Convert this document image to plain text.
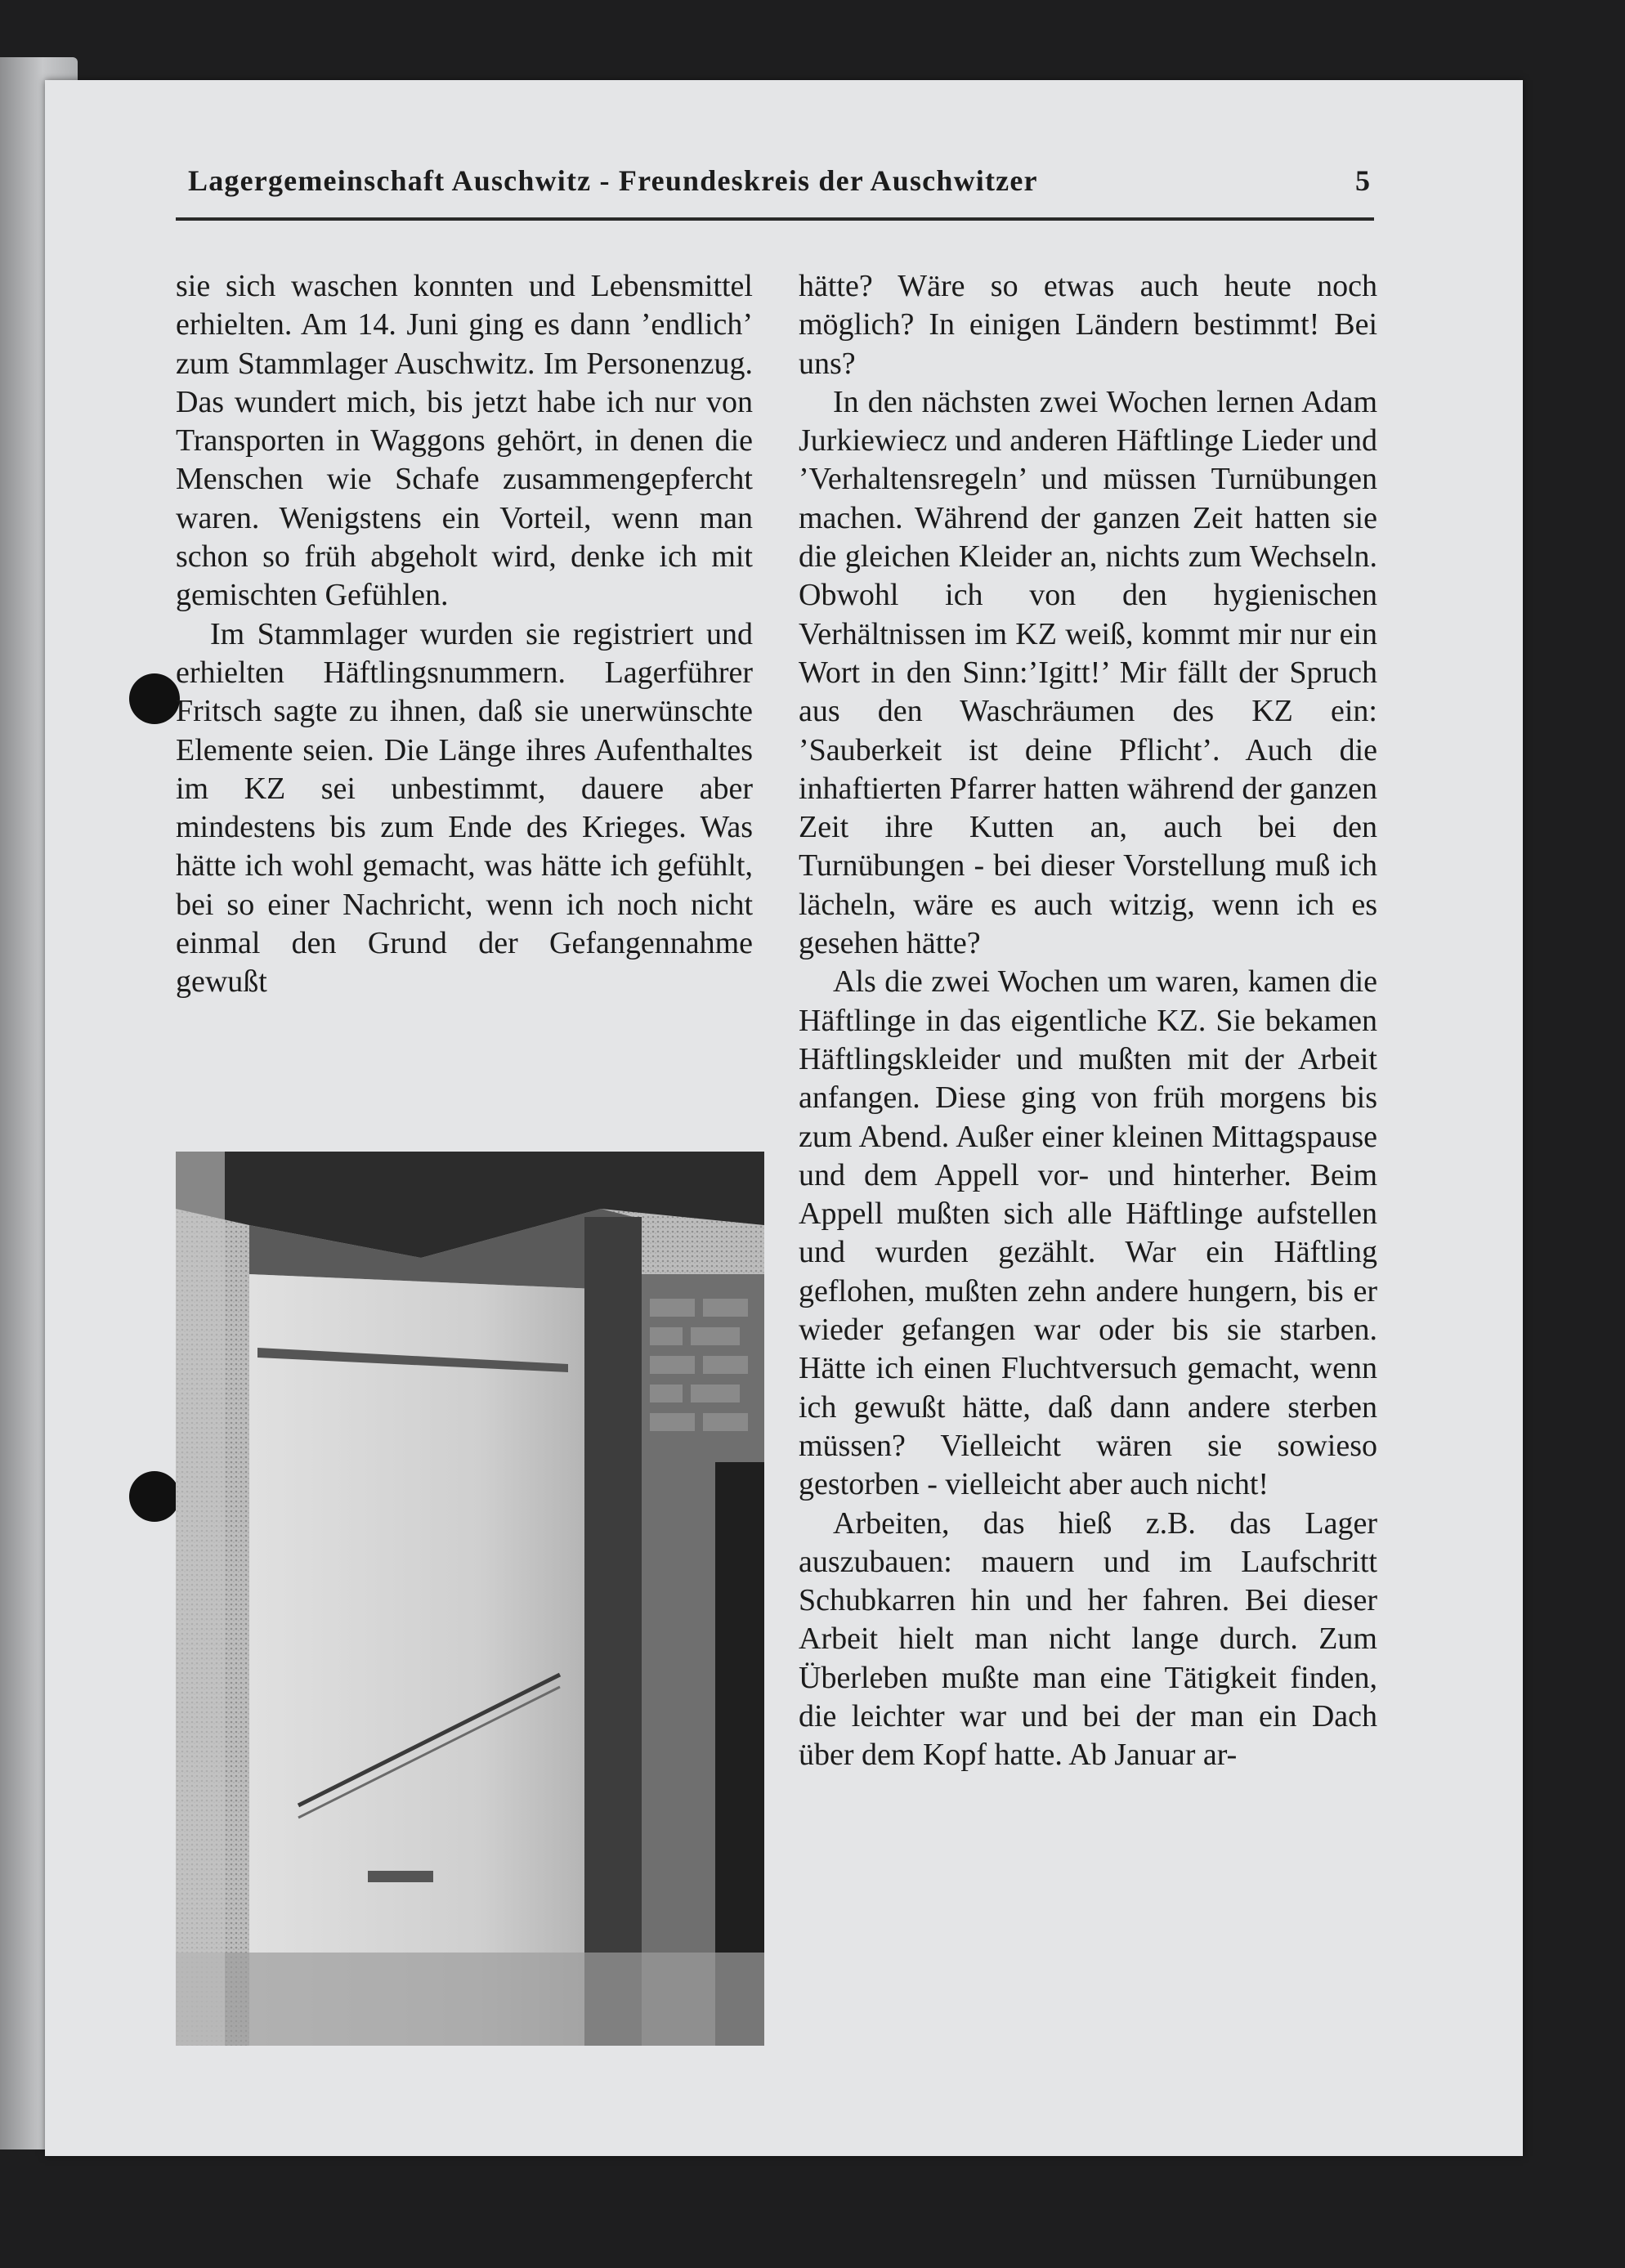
Lagergemeinschaft Auschwitz - Freundeskreis der Auschwitzer	5

sie sich waschen konnten und Lebensmittel erhielten. Am 14. Juni ging es dann ’endlich’ zum Stammlager Auschwitz. Im Personenzug. Das wundert mich, bis jetzt habe ich nur von Transporten in Waggons gehört, in denen die Menschen wie Schafe zusammengepfercht waren. Wenigstens ein Vorteil, wenn man schon so früh abgeholt wird, denke ich mit gemischten Gefühlen.

Im Stammlager wurden sie registriert und erhielten Häftlingsnummern. Lagerführer Fritsch sagte zu ihnen, daß sie unerwünschte Elemente seien. Die Länge ihres Aufenthaltes im KZ sei unbestimmt, dauere aber mindestens bis zum Ende des Krieges. Was hätte ich wohl gemacht, was hätte ich gefühlt, bei so einer Nachricht, wenn ich noch nicht einmal den Grund der Gefangennahme gewußt

hätte? Wäre so etwas auch heute noch möglich? In einigen Ländern bestimmt! Bei uns?

In den nächsten zwei Wochen lernen Adam Jurkiewiecz und anderen Häftlinge Lieder und ’Verhaltensregeln’ und müssen Turnübungen machen. Während der ganzen Zeit hatten sie die gleichen Kleider an, nichts zum Wechseln. Obwohl ich von den hygienischen Verhältnissen im KZ weiß, kommt mir nur ein Wort in den Sinn:’Igitt!’ Mir fällt der Spruch aus den Waschräumen des KZ ein: ’Sauberkeit ist deine Pflicht’. Auch die inhaftierten Pfarrer hatten während der ganzen Zeit ihre Kutten an, auch bei den Turnübungen - bei dieser Vorstellung muß ich lächeln, wäre es auch witzig, wenn ich es gesehen hätte?

Als die zwei Wochen um waren, kamen die Häftlinge in das eigentliche KZ. Sie bekamen Häftlingskleider und mußten mit der Arbeit anfangen. Diese ging von früh morgens bis zum Abend. Außer einer kleinen Mittagspause und dem Appell vor- und hinterher. Beim Appell mußten sich alle Häftlinge aufstellen und wurden gezählt. War ein Häftling geflohen, mußten zehn andere hungern, bis er wieder gefangen war oder bis sie starben. Hätte ich einen Fluchtversuch gemacht, wenn ich gewußt hätte, daß dann andere sterben müssen? Vielleicht wären sie sowieso gestorben - vielleicht aber auch nicht!

Arbeiten, das hieß z.B. das Lager auszubauen: mauern und im Laufschritt Schubkarren hin und her fahren. Bei dieser Arbeit hielt man nicht lange durch. Zum Überleben mußte man eine Tätigkeit finden, die leichter war und bei der man ein Dach über dem Kopf hatte. Ab Januar ar-
